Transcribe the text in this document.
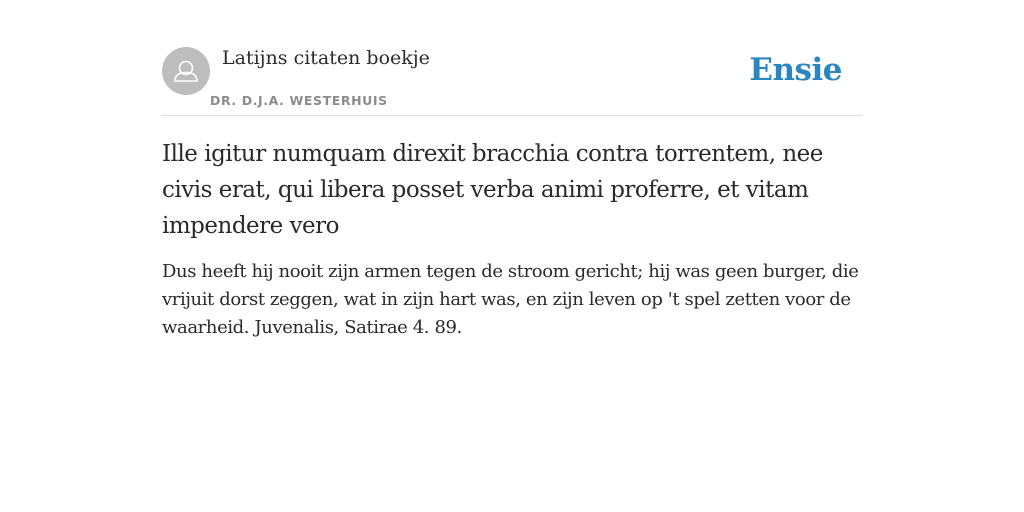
Latijns citaten boekje
DR. D.J.A. WESTERHUIS
Ensie

Ille igitur numquam direxit bracchia contra torrentem, nee civis erat, qui libera posset verba animi proferre, et vitam impendere vero

Dus heeft hij nooit zijn armen tegen de stroom gericht; hij was geen burger, die vrijuit dorst zeggen, wat in zijn hart was, en zijn leven op 't spel zetten voor de waarheid. Juvenalis, Satirae 4. 89.
